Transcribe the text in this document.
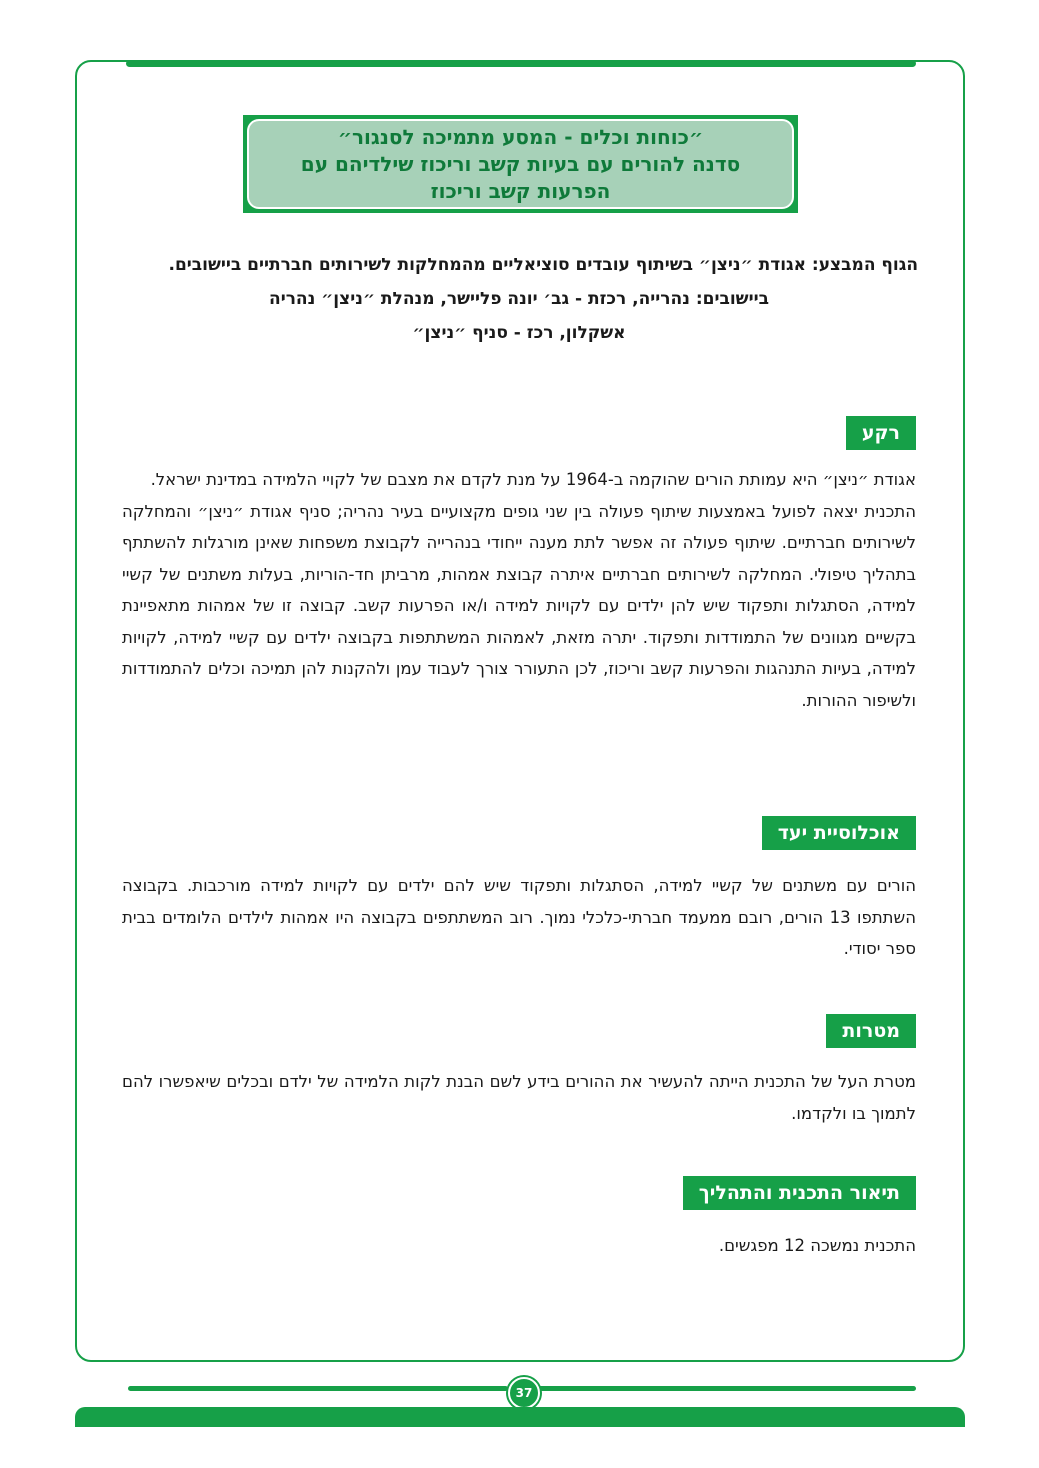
״כוחות וכלים - המסע מתמיכה לסנגור״
סדנה להורים עם בעיות קשב וריכוז שילדיהם עם
הפרעות קשב וריכוז
הגוף המבצע: אגודת ״ניצן״ בשיתוף עובדים סוציאליים מהמחלקות לשירותים חברתיים ביישובים.
ביישובים: נהרייה, רכזת - גב׳ יונה פליישר, מנהלת ״ניצן״ נהריה
אשקלון, רכז - סניף ״ניצן״
רקע

אגודת ״ניצן״ היא עמותת הורים שהוקמה ב-1964 על מנת לקדם את מצבם של לקויי הלמידה במדינת ישראל.

התכנית יצאה לפועל באמצעות שיתוף פעולה בין שני גופים מקצועיים בעיר נהריה; סניף אגודת ״ניצן״ והמחלקה לשירותים חברתיים. שיתוף פעולה זה אפשר לתת מענה ייחודי בנהרייה לקבוצת משפחות שאינן מורגלות להשתתף בתהליך טיפולי. המחלקה לשירותים חברתיים איתרה קבוצת אמהות, מרביתן חד-הוריות, בעלות משתנים של קשיי למידה, הסתגלות ותפקוד שיש להן ילדים עם לקויות למידה ו/או הפרעות קשב. קבוצה זו של אמהות מתאפיינת בקשיים מגוונים של התמודדות ותפקוד. יתרה מזאת, לאמהות המשתתפות בקבוצה ילדים עם קשיי למידה, לקויות למידה, בעיות התנהגות והפרעות קשב וריכוז, לכן התעורר צורך לעבוד עמן ולהקנות להן תמיכה וכלים להתמודדות ולשיפור ההורות.

אוכלוסיית יעד

הורים עם משתנים של קשיי למידה, הסתגלות ותפקוד שיש להם ילדים עם לקויות למידה מורכבות. בקבוצה השתתפו 13 הורים, רובם ממעמד חברתי-כלכלי נמוך. רוב המשתתפים בקבוצה היו אמהות לילדים הלומדים בבית ספר יסודי.

מטרות

מטרת העל של התכנית הייתה להעשיר את ההורים בידע לשם הבנת לקות הלמידה של ילדם ובכלים שיאפשרו להם לתמוך בו ולקדמו.

תיאור התכנית והתהליך

התכנית נמשכה 12 מפגשים.

37
